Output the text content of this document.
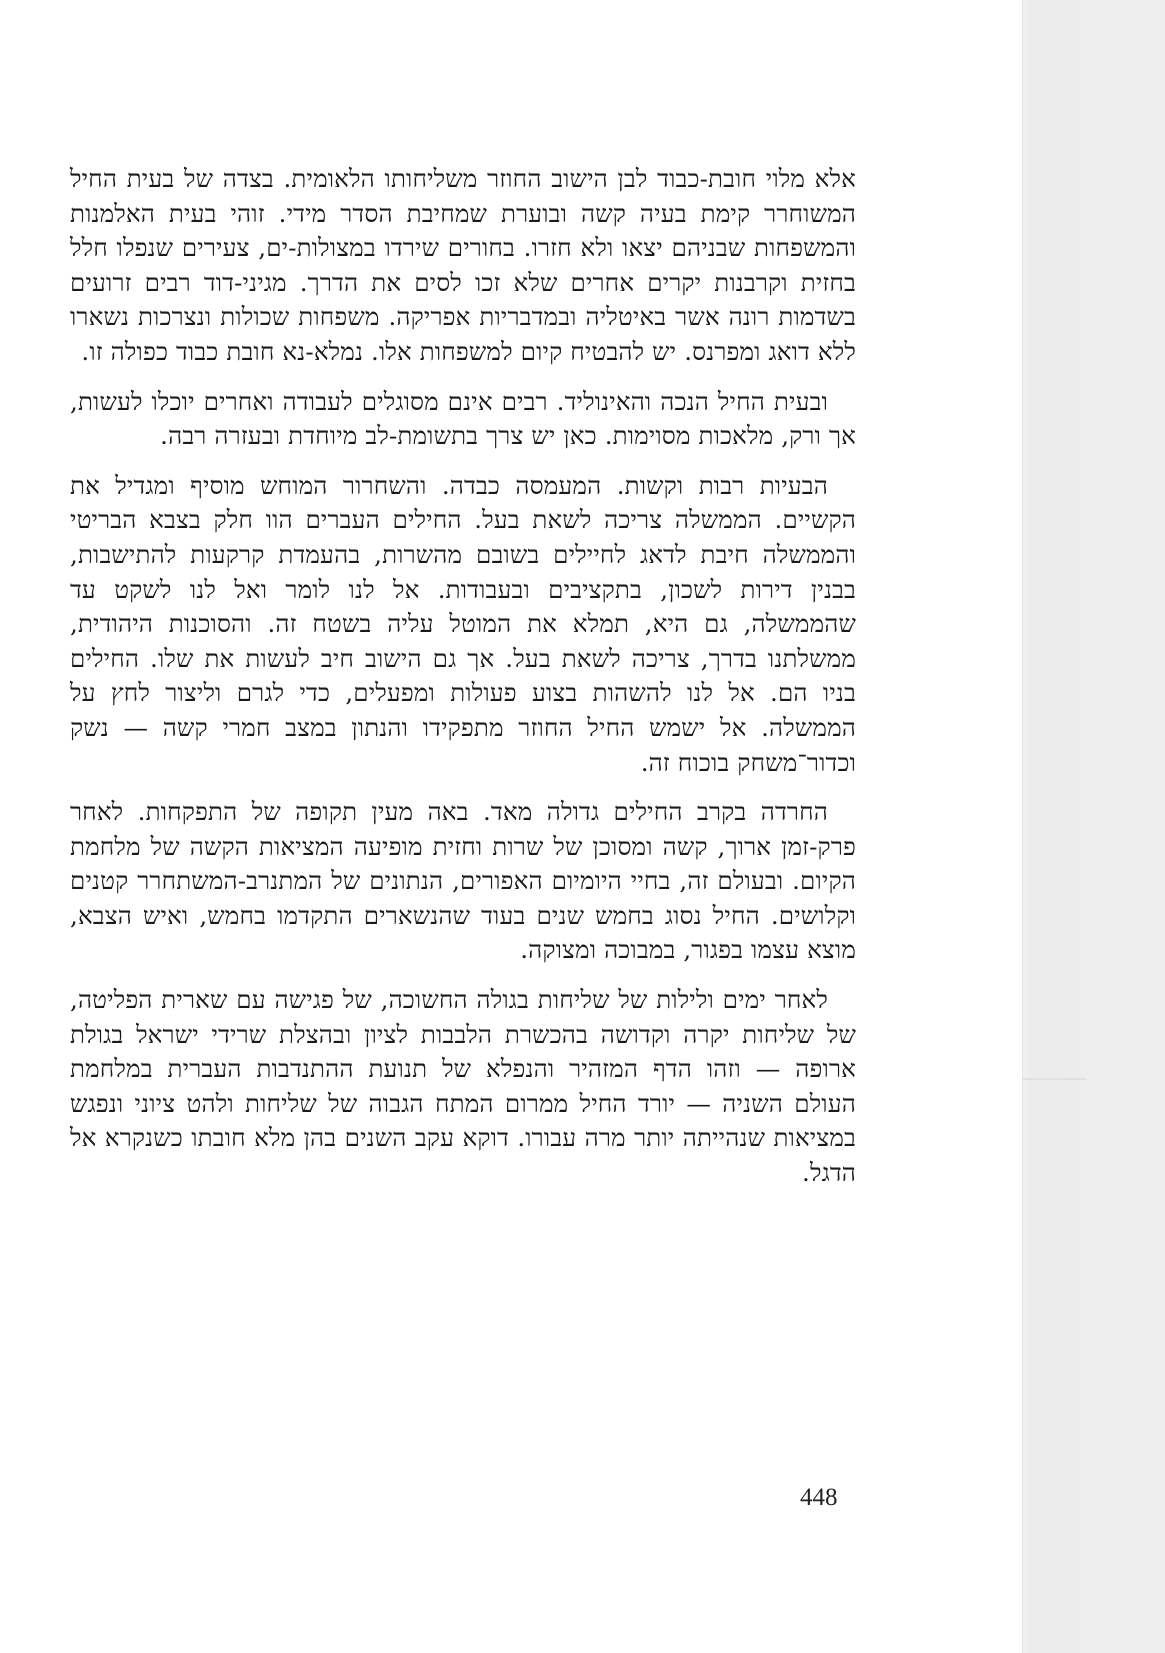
אלא מלוי חובת-כבוד לבן הישוב החוזר משליחותו הלאומית. בצדה של בעית החיל המשוחרר קימת בעיה קשה ובוערת שמחיבת הסדר מידי. זוהי בעית האלמנות והמשפחות שבניהם יצאו ולא חזרו. בחורים שירדו במצולות-ים, צעירים שנפלו חלל בחזית וקרבנות יקרים אחרים שלא זכו לסים את הדרך. מגיני-דוד רבים זרועים בשדמות רונה אשר באיטליה ובמדבריות אפריקה. משפחות שכולות ונצרכות נשארו ללא דואג ומפרנס. יש להבטיח קיום למשפחות אלו. נמלא-נא חובת כבוד כפולה זו.

ובעית החיל הנכה והאינוליד. רבים אינם מסוגלים לעבודה ואחרים יוכלו לעשות, אך ורק, מלאכות מסוימות. כאן יש צרך בתשומת-לב מיוחדת ובעזרה רבה.

הבעיות רבות וקשות. המעמסה כבדה. והשחרור המוחש מוסיף ומגדיל את הקשיים. הממשלה צריכה לשאת בעל. החילים העברים הוו חלק בצבא הבריטי והממשלה חיבת לדאג לחיילים בשובם מהשרות, בהעמדת קרקעות להתישבות, בבנין דירות לשכון, בתקציבים ובעבודות. אל לנו לומר ואל לנו לשקט עד שהממשלה, גם היא, תמלא את המוטל עליה בשטח זה. והסוכנות היהודית, ממשלתנו בדרך, צריכה לשאת בעל. אך גם הישוב חיב לעשות את שלו. החילים בניו הם. אל לנו להשהות בצוע פעולות ומפעלים, כדי לגרם וליצור לחץ על הממשלה. אל ישמש החיל החוזר מתפקידו והנתון במצב חמרי קשה — נשק וכדור־משחק בוכוח זה.

החרדה בקרב החילים גדולה מאד. באה מעין תקופה של התפקחות. לאחר פרק-זמן ארוך, קשה ומסוכן של שרות וחזית מופיעה המציאות הקשה של מלחמת הקיום. ובעולם זה, בחיי היומיום האפורים, הנתונים של המתנרב-המשתחרר קטנים וקלושים. החיל נסוג בחמש שנים בעוד שהנשארים התקדמו בחמש, ואיש הצבא, מוצא עצמו בפגור, במבוכה ומצוקה.

לאחר ימים ולילות של שליחות בגולה החשוכה, של פגישה עם שארית הפליטה, של שליחות יקרה וקדושה בהכשרת הלבבות לציון ובהצלת שרידי ישראל בגולת ארופה — וזהו הדף המזהיר והנפלא של תנועת ההתנדבות העברית במלחמת העולם השניה — יורד החיל ממרום המתח הגבוה של שליחות ולהט ציוני ונפגש במציאות שנהייתה יותר מרה עבורו. דוקא עקב השנים בהן מלא חובתו כשנקרא אל הדגל.

448
